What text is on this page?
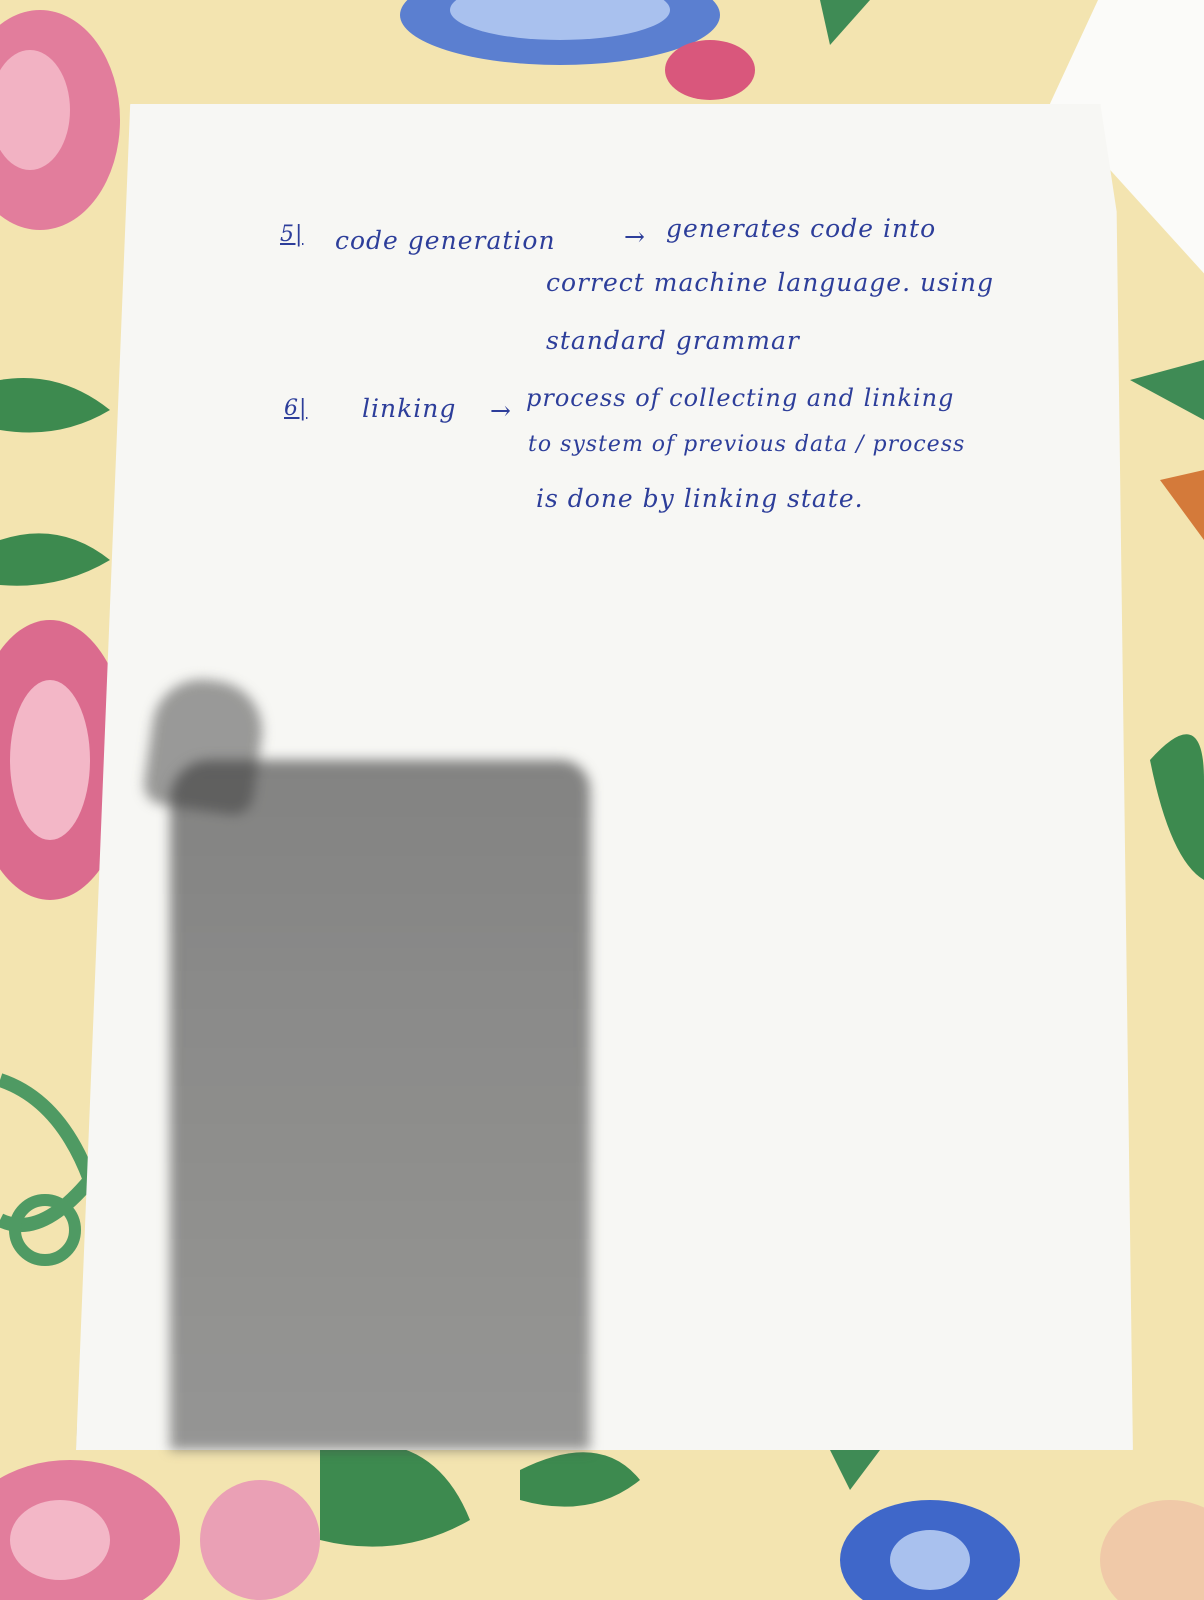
5| code generation	→ generates code into
correct machine language. using
standard grammar
6| linking → process of collecting and linking
to system of previous data / process
is done by linking state.
